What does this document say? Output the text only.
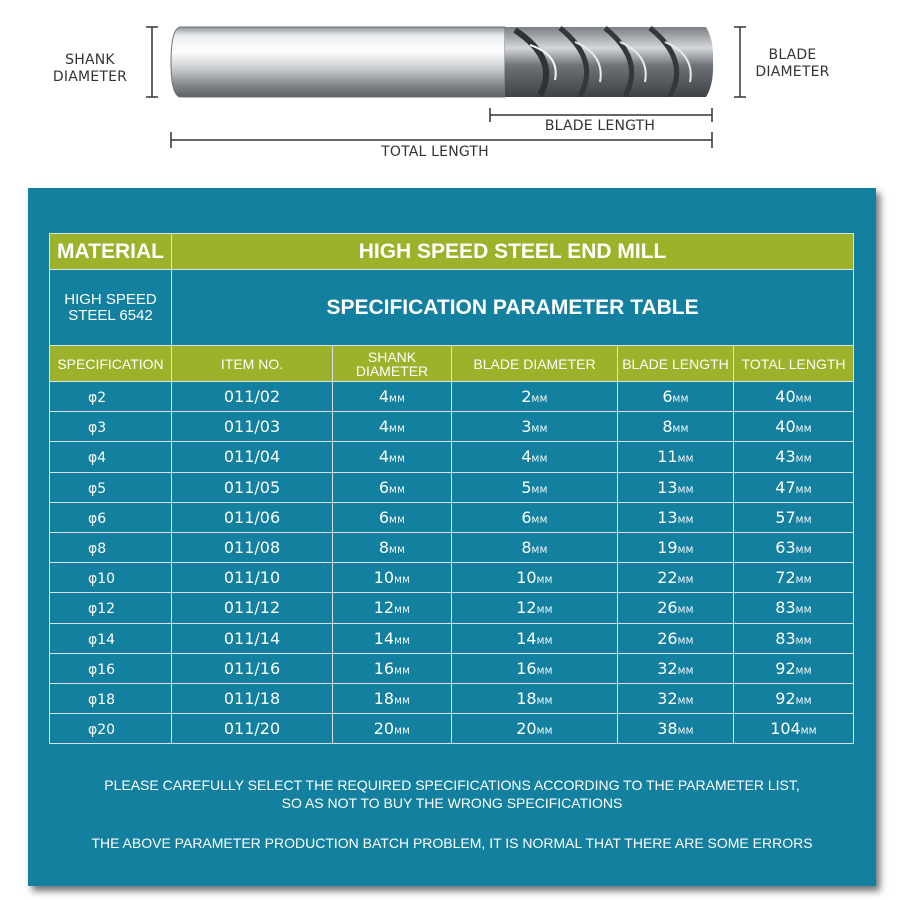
SHANK
DIAMETER
BLADE
DIAMETER
BLADE LENGTH
TOTAL LENGTH
MATERIAL	HIGH SPEED STEEL END MILL				

HIGH SPEED
STEEL 6542	SPECIFICATION PARAMETER TABLE				
SPECIFICATION	ITEM NO.	SHANK DIAMETER	BLADE DIAMETER	BLADE LENGTH	TOTAL LENGTH
φ2	011/02	4MM	2MM	6MM	40MM
φ3	011/03	4MM	3MM	8MM	40MM
φ4	011/04	4MM	4MM	11MM	43MM
φ5	011/05	6MM	5MM	13MM	47MM
φ6	011/06	6MM	6MM	13MM	57MM
φ8	011/08	8MM	8MM	19MM	63MM
φ10	011/10	10MM	10MM	22MM	72MM
φ12	011/12	12MM	12MM	26MM	83MM
φ14	011/14	14MM	14MM	26MM	83MM
φ16	011/16	16MM	16MM	32MM	92MM
φ18	011/18	18MM	18MM	32MM	92MM
φ20	011/20	20MM	20MM	38MM	104MM
PLEASE CAREFULLY SELECT THE REQUIRED SPECIFICATIONS ACCORDING TO THE PARAMETER LIST,
SO AS NOT TO BUY THE WRONG SPECIFICATIONS
THE ABOVE PARAMETER PRODUCTION BATCH PROBLEM, IT IS NORMAL THAT THERE ARE SOME ERRORS
